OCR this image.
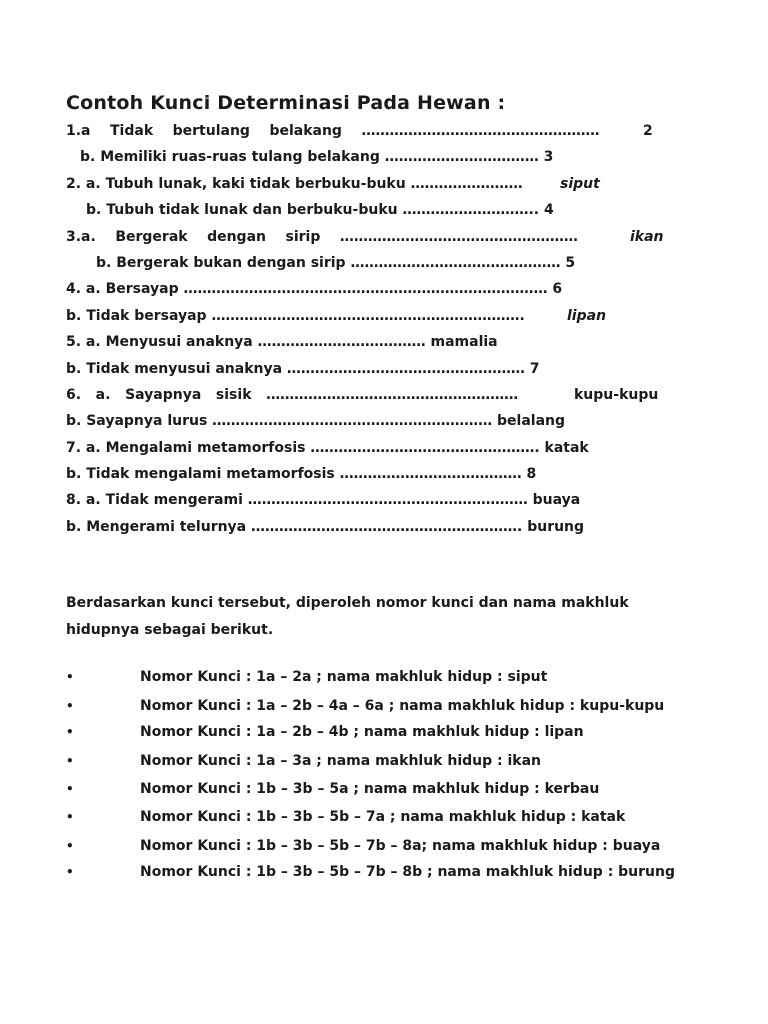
Contoh Kunci Determinasi Pada Hewan :
1.a    Tidak    bertulang    belakang    ……………………………………………	2
b. Memiliki ruas-ruas tulang belakang …………………………… 3
2. a. Tubuh lunak, kaki tidak berbuku-buku ……………………	siput
b. Tubuh tidak lunak dan berbuku-buku ……………………….. 4
3.a.    Bergerak    dengan    sirip    ……………………………………………	ikan
b. Bergerak bukan dengan sirip ……………………………………… 5
4. a. Bersayap …………………………………………………………………… 6
b. Tidak bersayap ………………………………………………………….	lipan
5. a. Menyusui anaknya ……………………………… mamalia
b. Tidak menyusui anaknya …………………………………………… 7
6.   a.   Sayapnya   sisik   ………………………………………………	kupu-kupu
b. Sayapnya lurus …………………………………………………… belalang
7. a. Mengalami metamorfosis …………………………………………. katak
b. Tidak mengalami metamorfosis ………………………………… 8
8. a. Tidak mengerami …………………………………………………… buaya
b. Mengerami telurnya …………………………………………………. burung
Berdasarkan kunci tersebut, diperoleh nomor kunci dan nama makhluk hidupnya sebagai berikut.
•	Nomor Kunci : 1a – 2a ; nama makhluk hidup : siput
•	Nomor Kunci : 1a – 2b – 4a – 6a ; nama makhluk hidup : kupu-kupu
•	Nomor Kunci : 1a – 2b – 4b ; nama makhluk hidup : lipan
•	Nomor Kunci : 1a – 3a ; nama makhluk hidup : ikan
•	Nomor Kunci : 1b – 3b – 5a ; nama makhluk hidup : kerbau
•	Nomor Kunci : 1b – 3b – 5b – 7a ; nama makhluk hidup : katak
•	Nomor Kunci : 1b – 3b – 5b – 7b – 8a; nama makhluk hidup : buaya
•	Nomor Kunci : 1b – 3b – 5b – 7b – 8b ; nama makhluk hidup : burung
